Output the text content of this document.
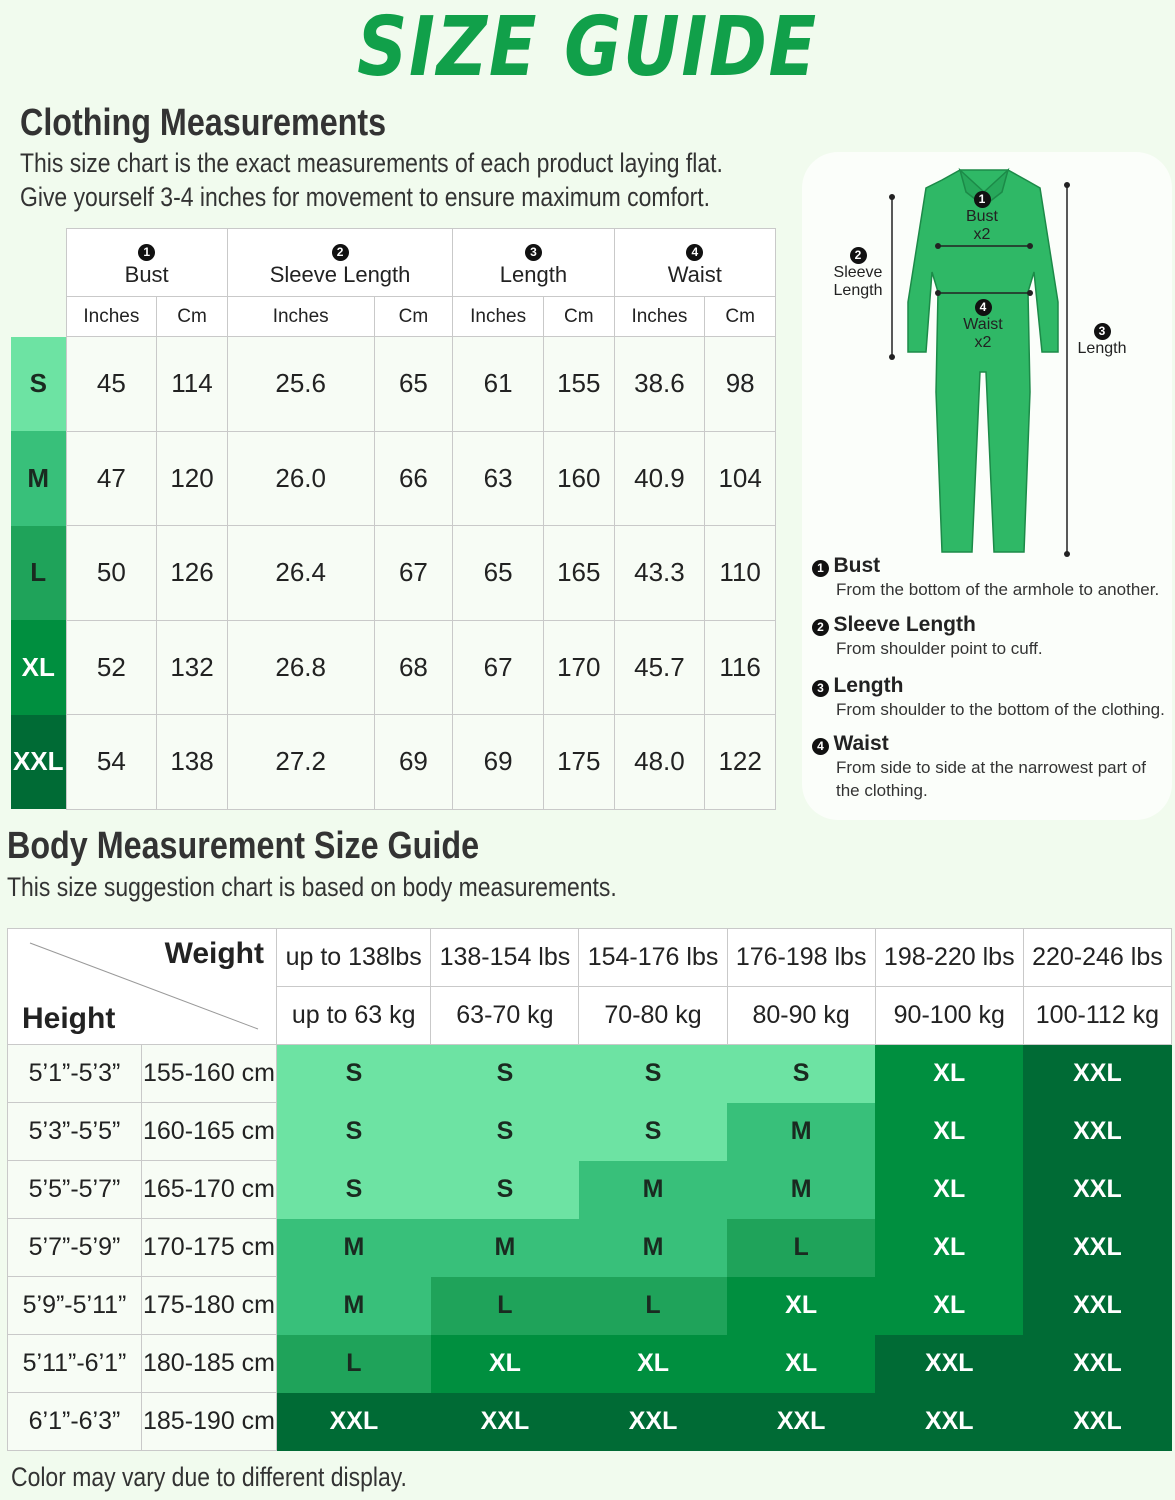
SIZE GUIDE
Clothing Measurements
This size chart is the exact measurements of each product laying flat.
Give yourself 3-4 inches for movement to ensure maximum comfort.
	1
Bust		2
Sleeve Length		3
Length		4
Waist	
	Inches	Cm	Inches	Cm	Inches	Cm	Inches	Cm
S	45	114	25.6	65	61	155	38.6	98
M	47	120	26.0	66	63	160	40.9	104
L	50	126	26.4	67	65	165	43.3	110
XL	52	132	26.8	68	67	170	45.7	116
XXL	54	138	27.2	69	69	175	48.0	122
1
Bust
x2
2
Sleeve
Length
4
Waist
x2
3
Length
1 Bust
From the bottom of the armhole to another.
2 Sleeve Length
From shoulder point to cuff.
3 Length
From shoulder to the bottom of the clothing.
4 Waist
From side to side at the narrowest part of the clothing.
Body Measurement Size Guide
This size suggestion chart is based on body measurements.
Weight
Height		up to 138lbs	138-154 lbs	154-176 lbs	176-198 lbs	198-220 lbs	220-246 lbs
		up to 63 kg	63-70 kg	70-80 kg	80-90 kg	90-100 kg	100-112 kg
5’1”-5’3”	155-160 cm	S	S	S	S	XL	XXL
5’3”-5’5”	160-165 cm	S	S	S	M	XL	XXL
5’5”-5’7”	165-170 cm	S	S	M	M	XL	XXL
5’7”-5’9”	170-175 cm	M	M	M	L	XL	XXL
5’9”-5’11”	175-180 cm	M	L	L	XL	XL	XXL
5’11”-6’1”	180-185 cm	L	XL	XL	XL	XXL	XXL
6’1”-6’3”	185-190 cm	XXL	XXL	XXL	XXL	XXL	XXL
Color may vary due to different display.
